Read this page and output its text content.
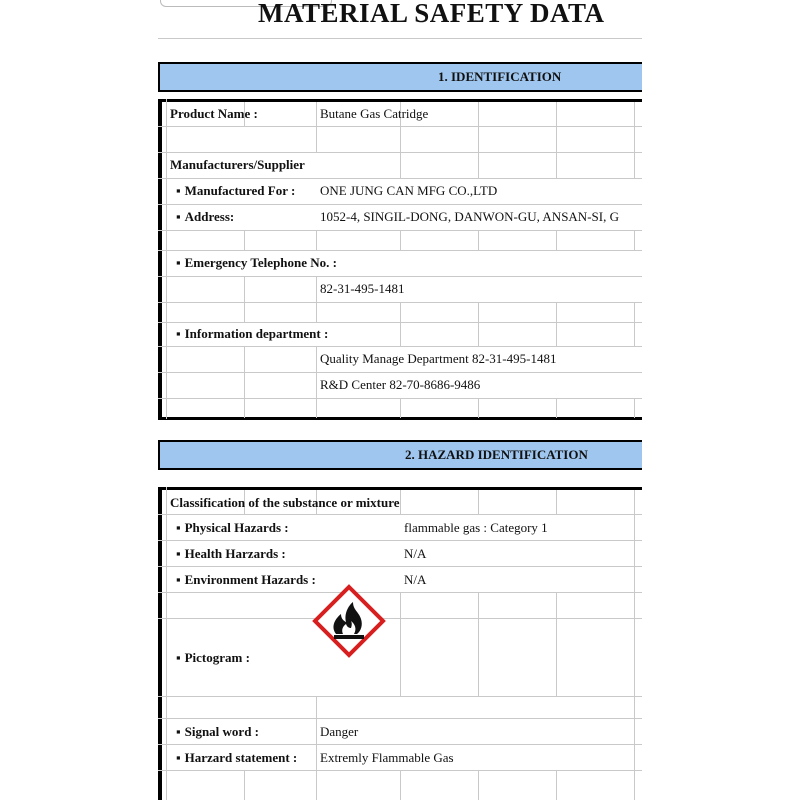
MATERIAL SAFETY DATA
1. IDENTIFICATION
Product Name :	Butane Gas Catridge
Manufacturers/Supplier
▪ Manufactured For : ONE JUNG CAN MFG CO.,LTD
▪ Address:	1052-4, SINGIL-DONG, DANWON-GU, ANSAN-SI, G
▪ Emergency Telephone No. :
82-31-495-1481
▪ Information department :
Quality Manage Department 82-31-495-1481
R&D Center 82-70-8686-9486
2. HAZARD IDENTIFICATION
Classification of the substance or mixture
▪ Physical Hazards :	flammable gas : Category 1
▪ Health Harzards :	N/A
▪ Environment Hazards :	N/A
▪ Pictogram :
▪ Signal word :	Danger
▪ Harzard statement : Extremly Flammable Gas
